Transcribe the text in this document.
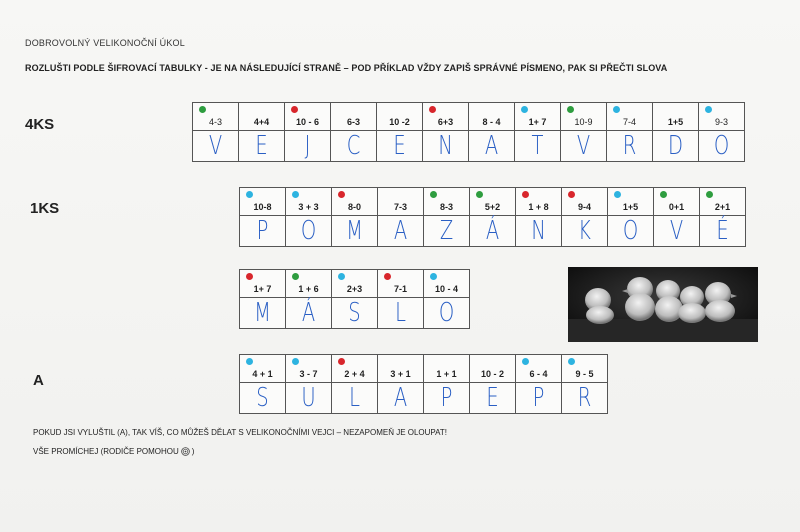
DOBROVOLNÝ VELIKONOČNÍ ÚKOL
ROZLUŠTI PODLE ŠIFROVACÍ TABULKY - JE NA NÁSLEDUJÍCÍ STRANĚ – POD PŘÍKLAD VŽDY ZAPIŠ SPRÁVNÉ PÍSMENO, PAK SI PŘEČTI SLOVA
4KS
1KS
A
4-3
V
4+4
E
10 - 6
J
6-3
C
10 -2
E
6+3
N
8 - 4
A
1+ 7
T
10-9
V
7-4
R
1+5
D
9-3
O
10-8
P
3 + 3
O
8-0
M
7-3
A
8-3
Z
5+2
Á
1 + 8
N
9-4
K
1+5
O
0+1
V
2+1
É
1+ 7
M
1 + 6
Á
2+3
S
7-1
L
10 - 4
O
4 + 1
S
3 - 7
U
2 + 4
L
3 + 1
A
1 + 1
P
10 - 2
E
6 - 4
P
9 - 5
R
POKUD JSI VYLUŠTIL (A), TAK VÍŠ, CO MŮŽEŠ DĚLAT S VELIKONOČNÍMI VEJCI – NEZAPOMEŇ JE OLOUPAT!
VŠE PROMÍCHEJ (RODIČE POMOHOU )
